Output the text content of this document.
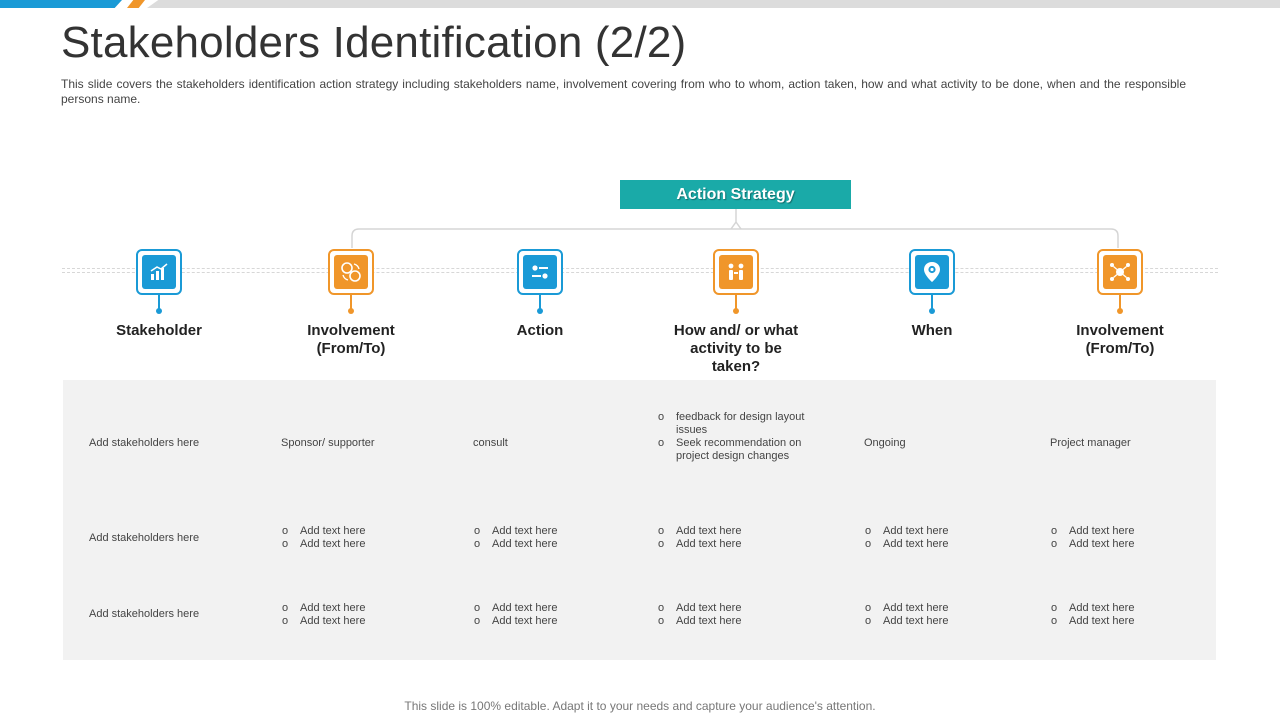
Stakeholders Identification (2/2)

This slide covers the stakeholders identification action strategy including stakeholders name, involvement covering from who to whom, action taken, how and what activity to be done, when and the responsible persons name.

Action Strategy
Stakeholder	Involvement (From/To)
Action	How and/ or what activity to be taken?
When	Involvement (From/To)
Add stakeholders here	Sponsor/ supporter	consult
o feedback for design layout issues
o Seek recommendation on project design changes
Ongoing	Project manager
Add stakeholders here
o Add text here
o Add text here
o Add text here
o Add text here
o Add text here
o Add text here
o Add text here
o Add text here
o Add text here
o Add text here
Add stakeholders here
o	Add text here
o Add text here
o Add text here
o Add text here
o Add text here
o Add text here
o Add text here
o Add text here
o Add text here
o Add text here
This slide is 100% editable. Adapt it to your needs and capture your audience's attention.
